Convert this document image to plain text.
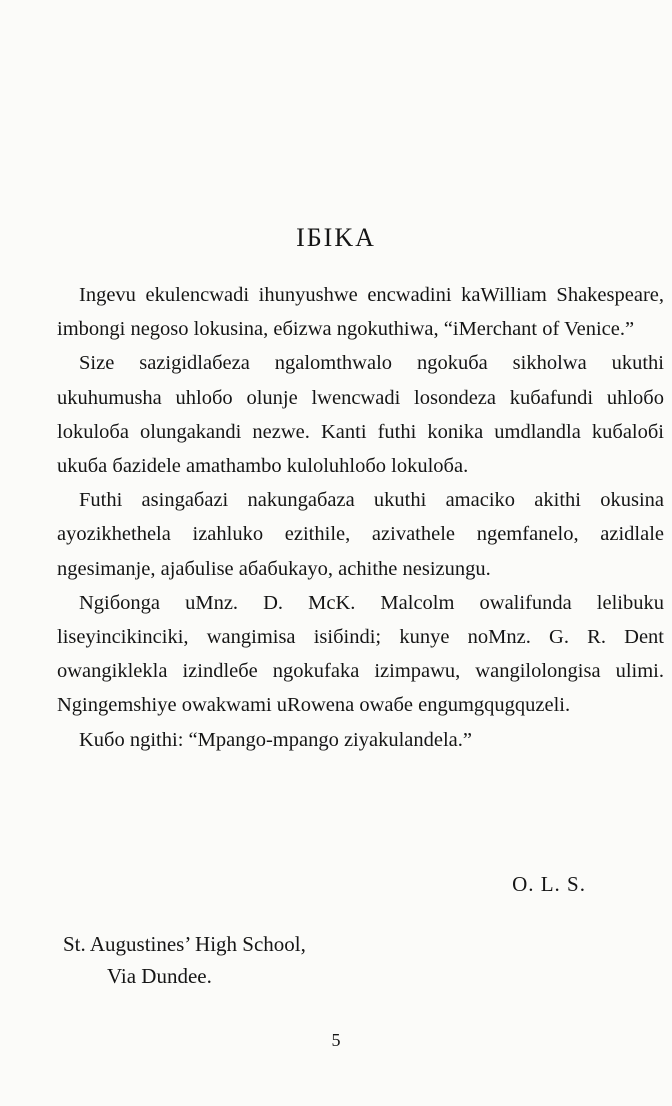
IБIKA

Ingevu ekulencwadi ihunyushwe encwadini kaWilliam Shakespeare, imbongi negoso lokusina, eбizwa ngokuthiwa, “iMerchant of Venice.”

Size sazigidlaбeza ngalomthwalo ngokuбa sikholwa ukuthi ukuhumusha uhloбo olunje lwencwadi losondeza kuбafundi uhloбo lokuloбa olungakandi nezwe. Kanti futhi konika umdlandla kuбaloбi ukuбa бazidele amathambo kuloluhloбo lokuloбa.

Futhi asingaбazi nakungaбaza ukuthi amaciko akithi okusina ayozikhethela izahluko ezithile, azivathele ngemfanelo, azidlale ngesimanje, ajaбulise aбaбukayo, achithe nesizungu.

Ngiбonga uMnz. D. McK. Malcolm owalifunda lelibuku liseyincikinciki, wangimisa isiбindi; kunye noMnz. G. R. Dent owangiklekla izindleбe ngokufaka izimpawu, wangilolongisa ulimi. Ngingemshiye owakwami uRowena owaбe engumgqugquzeli.

Kuбo ngithi: “Mpango-mpango ziyakulandela.”

O. L. S.
St. Augustines’ High School,
Via Dundee.
5
